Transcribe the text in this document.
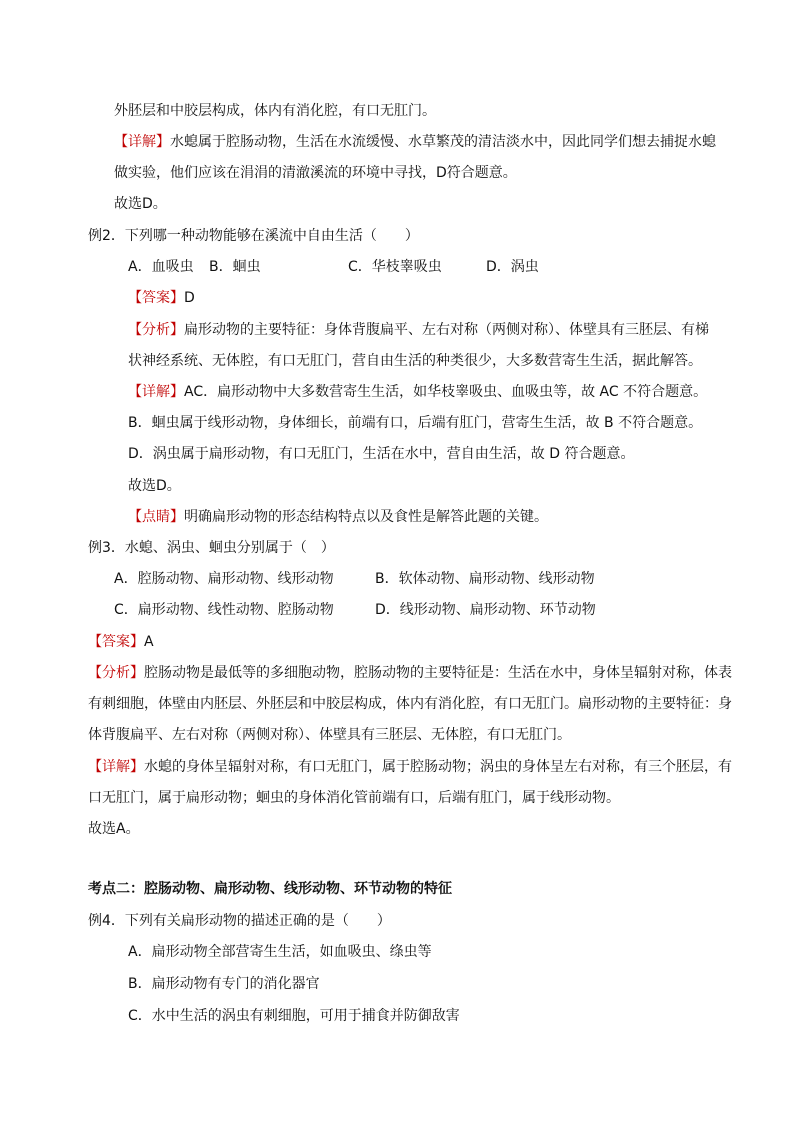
外胚层和中胶层构成，体内有消化腔，有口无肛门。
【详解】水螅属于腔肠动物，生活在水流缓慢、水草繁茂的清洁淡水中，因此同学们想去捕捉水螅
做实验，他们应该在涓涓的清澈溪流的环境中寻找，D符合题意。
故选D。
例2．下列哪一种动物能够在溪流中自由生活（　　）
A．血吸虫 B．蛔虫	C．华枝睾吸虫	D．涡虫
【答案】D
【分析】扁形动物的主要特征：身体背腹扁平、左右对称（两侧对称）、体壁具有三胚层、有梯
状神经系统、无体腔，有口无肛门，营自由生活的种类很少，大多数营寄生生活，据此解答。
【详解】AC．扁形动物中大多数营寄生生活，如华枝睾吸虫、血吸虫等，故 AC 不符合题意。
B．蛔虫属于线形动物，身体细长，前端有口，后端有肛门，营寄生生活，故 B 不符合题意。
D．涡虫属于扁形动物，有口无肛门，生活在水中，营自由生活，故 D 符合题意。
故选D。
【点睛】明确扁形动物的形态结构特点以及食性是解答此题的关键。
例3．水螅、涡虫、蛔虫分别属于（　）
A．腔肠动物、扁形动物、线形动物	B．软体动物、扁形动物、线形动物
C．扁形动物、线性动物、腔肠动物	D．线形动物、扁形动物、环节动物
【答案】A
【分析】腔肠动物是最低等的多细胞动物，腔肠动物的主要特征是：生活在水中，身体呈辐射对称，体表
有刺细胞，体壁由内胚层、外胚层和中胶层构成，体内有消化腔，有口无肛门。扁形动物的主要特征：身
体背腹扁平、左右对称（两侧对称）、体壁具有三胚层、无体腔，有口无肛门。
【详解】水螅的身体呈辐射对称，有口无肛门，属于腔肠动物；涡虫的身体呈左右对称，有三个胚层，有
口无肛门，属于扁形动物；蛔虫的身体消化管前端有口，后端有肛门，属于线形动物。
故选A。
考点二：腔肠动物、扁形动物、线形动物、环节动物的特征
例4．下列有关扁形动物的描述正确的是（　　）
A．扁形动物全部营寄生生活，如血吸虫、绦虫等
B．扁形动物有专门的消化器官
C．水中生活的涡虫有刺细胞，可用于捕食并防御敌害
